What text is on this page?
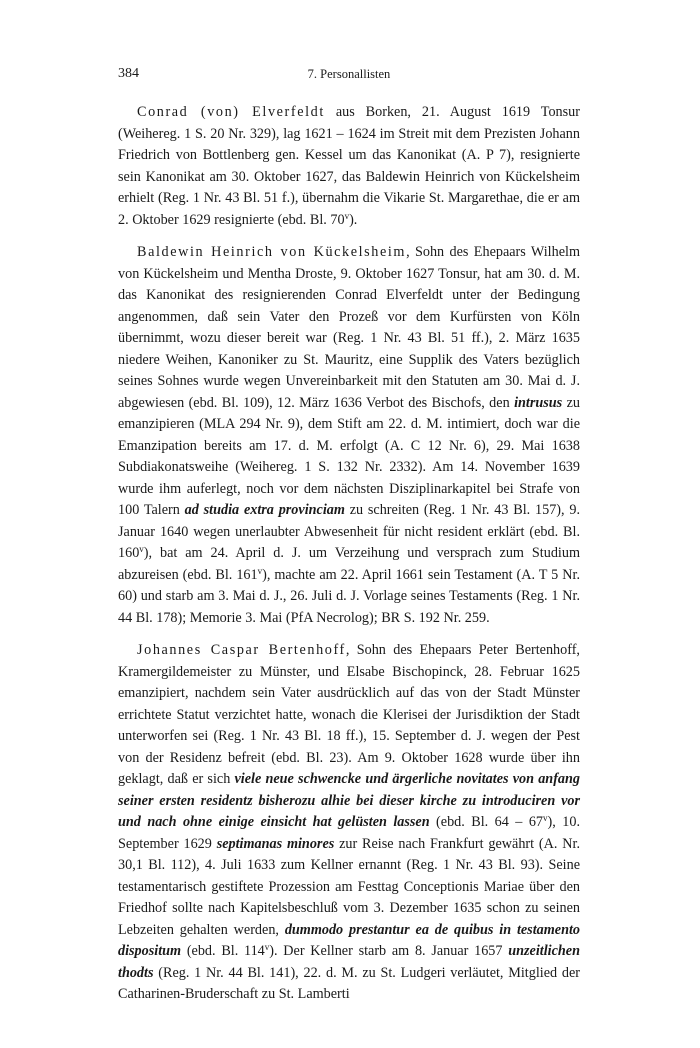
384	7. Personallisten

Conrad (von) Elverfeldt aus Borken, 21. August 1619 Tonsur (Weihereg. 1 S. 20 Nr. 329), lag 1621 – 1624 im Streit mit dem Prezisten Johann Friedrich von Bottlenberg gen. Kessel um das Kanonikat (A. P 7), resignierte sein Kanonikat am 30. Oktober 1627, das Baldewin Heinrich von Kückelsheim erhielt (Reg. 1 Nr. 43 Bl. 51 f.), übernahm die Vikarie St. Margarethae, die er am 2. Oktober 1629 resignierte (ebd. Bl. 70$^v$).

Baldewin Heinrich von Kückelsheim, Sohn des Ehepaars Wilhelm von Kückelsheim und Mentha Droste, 9. Oktober 1627 Tonsur, hat am 30. d. M. das Kanonikat des resignierenden Conrad Elverfeldt unter der Bedingung angenommen, daß sein Vater den Prozeß vor dem Kurfürsten von Köln übernimmt, wozu dieser bereit war (Reg. 1 Nr. 43 Bl. 51 ff.), 2. März 1635 niedere Weihen, Kanoniker zu St. Mauritz, eine Supplik des Vaters bezüglich seines Sohnes wurde wegen Unvereinbarkeit mit den Statuten am 30. Mai d. J. abgewiesen (ebd. Bl. 109), 12. März 1636 Verbot des Bischofs, den intrusus zu emanzipieren (MLA 294 Nr. 9), dem Stift am 22. d. M. intimiert, doch war die Emanzipation bereits am 17. d. M. erfolgt (A. C 12 Nr. 6), 29. Mai 1638 Subdiakonatsweihe (Weihereg. 1 S. 132 Nr. 2332). Am 14. November 1639 wurde ihm auferlegt, noch vor dem nächsten Disziplinarkapitel bei Strafe von 100 Talern ad studia extra provinciam zu schreiten (Reg. 1 Nr. 43 Bl. 157), 9. Januar 1640 wegen unerlaubter Abwesenheit für nicht resident erklärt (ebd. Bl. 160$^v$), bat am 24. April d. J. um Verzeihung und versprach zum Studium abzureisen (ebd. Bl. 161$^v$), machte am 22. April 1661 sein Testament (A. T 5 Nr. 60) und starb am 3. Mai d. J., 26. Juli d. J. Vorlage seines Testaments (Reg. 1 Nr. 44 Bl. 178); Memorie 3. Mai (PfA Necrolog); BR S. 192 Nr. 259.

Johannes Caspar Bertenhoff, Sohn des Ehepaars Peter Bertenhoff, Kramergildemeister zu Münster, und Elsabe Bischopinck, 28. Februar 1625 emanzipiert, nachdem sein Vater ausdrücklich auf das von der Stadt Münster errichtete Statut verzichtet hatte, wonach die Klerisei der Jurisdiktion der Stadt unterworfen sei (Reg. 1 Nr. 43 Bl. 18 ff.), 15. September d. J. wegen der Pest von der Residenz befreit (ebd. Bl. 23). Am 9. Oktober 1628 wurde über ihn geklagt, daß er sich viele neue schwencke und ärgerliche novitates von anfang seiner ersten residentz bisherozu alhie bei dieser kirche zu introduciren vor und nach ohne einige einsicht hat gelüsten lassen (ebd. Bl. 64 – 67$^v$), 10. September 1629 septimanas minores zur Reise nach Frankfurt gewährt (A. Nr. 30,1 Bl. 112), 4. Juli 1633 zum Kellner ernannt (Reg. 1 Nr. 43 Bl. 93). Seine testamentarisch gestiftete Prozession am Festtag Conceptionis Mariae über den Friedhof sollte nach Kapitelsbeschluß vom 3. Dezember 1635 schon zu seinen Lebzeiten gehalten werden, dummodo prestantur ea de quibus in testamento dispositum (ebd. Bl. 114$^v$). Der Kellner starb am 8. Januar 1657 unzeitlichen thodts (Reg. 1 Nr. 44 Bl. 141), 22. d. M. zu St. Ludgeri verläutet, Mitglied der Catharinen-Bruderschaft zu St. Lamberti
